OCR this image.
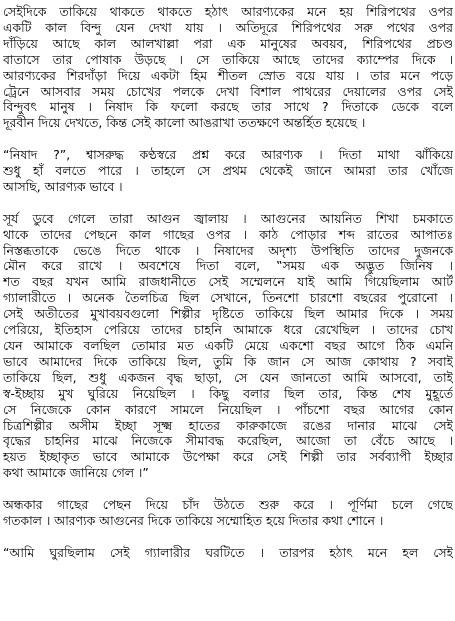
সেইদিকে তাকিয়ে থাকতে থাকতে হঠাৎ আরণ্যকের মনে হয় শিরিপথের ওপর
একটি কাল বিন্দু যেন দেখা যায় । অতিদূরে শিরিপথের সরু পথের ওপর
দাঁড়িয়ে আছে কাল আলখাল্লা পরা এক মানুষের অবয়ব, শিরিপথের প্রচণ্ড
বাতাসে তার পোষাক উড়ছে । সে তাকিয়ে আছে তাদের ক্যাম্পের দিকে ।
আরণ্যকের শিরদাঁড়া দিয়ে একটা হিম শীতল স্রোত বয়ে যায় । তার মনে পড়ে
ট্রেনে আসবার সময় চোখের পলকে দেখা বিশাল পাথরের দেয়ালের ওপর সেই
বিন্দুবৎ মানুষ । নিষাদ কি ফলো করছে তার সাথে ? দিতাকে ডেকে বলে
দূরবীন দিয়ে দেখতে, কিন্ত সেই কালো আঙরাখা ততক্ষণে অন্তর্হিত হয়েছে ।
“নিষাদ ?”, শ্বাসরুদ্ধ কণ্ঠস্বরে প্রশ্ন করে আরণ্যক । দিতা মাথা ঝাঁকিয়ে
শুধু হাঁ বলতে পারে । তাহলে সে প্রথম থেকেই জানে আমরা তার খোঁজে
আসছি, আরণ্যক ভাবে ।
সূর্য ডুবে গেলে তারা আগুন জ্বালায় । আগুনের আয়নিত শিখা চমকাতে
থাকে তাদের পেছনে কাল গাছের ওপর । কাঠ পোড়ার শব্দ রাতের আপাতঃ
নিস্তব্ধতাকে ভেঙে দিতে থাকে । নিষাদের অদৃশ্য উপস্থিতি তাদের দুজনকে
মৌন করে রাখে । অবশেষে দিতা বলে, ‟সময় এক অদ্ভুত জিনিষ ।
শত বছর যখন আমি রাজধানীতে সেই সম্মেলনে যাই আমি গিয়েছিলাম আর্ট
গ্যালারীতে । অনেক তৈলচিত্র ছিল সেখানে, তিনশো চারশো বছরের পুরোনো ।
সেই অতীতের মুখাবয়বগুলো শিল্পীর দৃষ্টিতে তাকিয়ে ছিল আমার দিকে । সময়
পেরিয়ে, ইতিহাস পেরিয়ে তাদের চাহনি আমাকে ধরে রেখেছিল । তাদের চোখ
যেন আমাকে বলছিল তোমার মত একটি মেয়ে একশো বছর আগে ঠিক এমনি
ভাবে আমাদের দিকে তাকিয়ে ছিল, তুমি কি জান সে আজ কোথায় ? সবাই
তাকিয়ে ছিল, শুধু একজন বৃদ্ধ ছাড়া, সে যেন জানতো আমি আসবো, তাই
স্ব-ইচ্ছায় মুখ ঘুরিয়ে নিয়েছিল । কিছু বলার ছিল তার, কিন্ত শেষ মুহূর্তে
সে নিজেকে কোন কারণে সামলে নিয়েছিল । পাঁচশো বছর আগের কোন
চিত্রশিল্পীর অসীম ইচ্ছা সূক্ষ্ম হাতের কারুকাজে রঙের দানার মাঝে সেই
বৃদ্ধের চাহনির মাঝে নিজেকে সীমাবদ্ধ করেছিল, আজো তা বেঁচে আছে ।
হয়ত ইচ্ছাকৃত ভাবে আমাকে উপেক্ষা করে সেই শিল্পী তার সর্বব্যাপী ইচ্ছার
কথা আমাকে জানিয়ে গেল ।”
অন্ধকার গাছের পেছন দিয়ে চাঁদ উঠতে শুরু করে । পূর্ণিমা চলে গেছে
গতকাল । আরণ্যক আগুনের দিকে তাকিয়ে সম্মোহিত হয়ে দিতার কথা শোনে ।
“আমি ঘুরছিলাম সেই গ্যালারীর ঘরটিতে । তারপর হঠাৎ মনে হল সেই
